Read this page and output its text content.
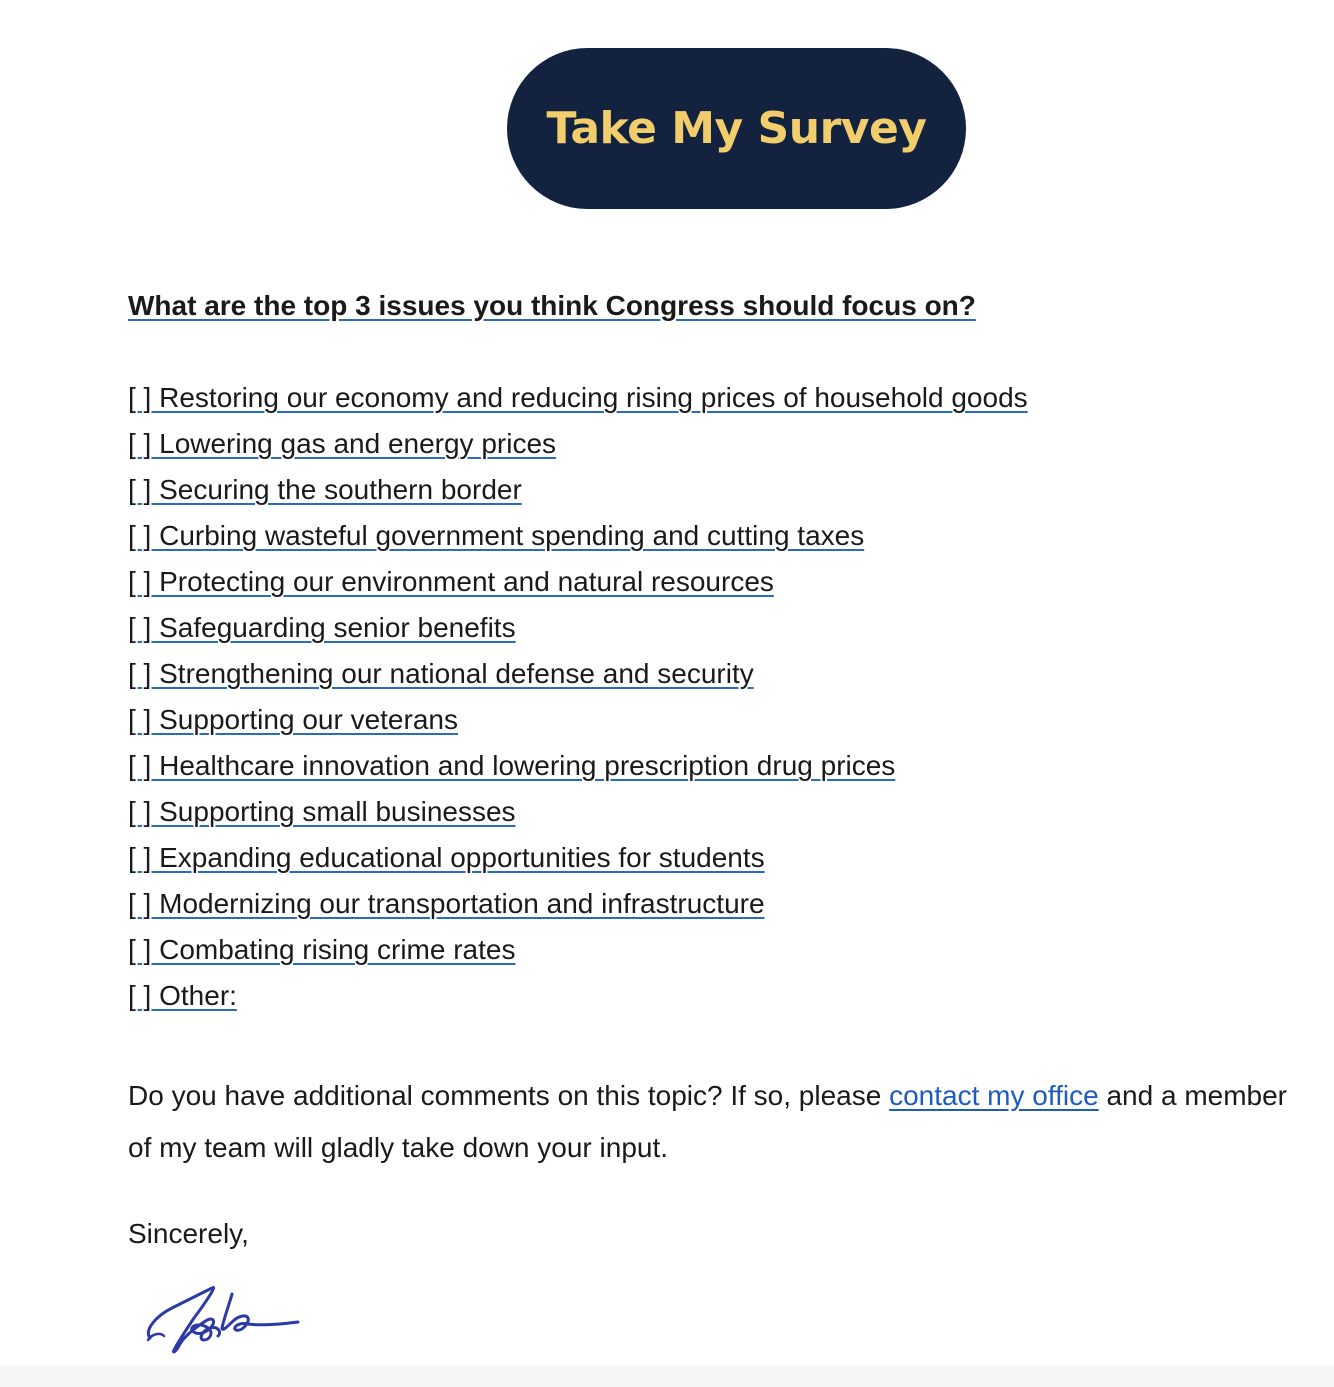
Take My Survey

What are the top 3 issues you think Congress should focus on?

[ ] Restoring our economy and reducing rising prices of household goods
[ ] Lowering gas and energy prices
[ ] Securing the southern border
[ ] Curbing wasteful government spending and cutting taxes
[ ] Protecting our environment and natural resources
[ ] Safeguarding senior benefits
[ ] Strengthening our national defense and security
[ ] Supporting our veterans
[ ] Healthcare innovation and lowering prescription drug prices
[ ] Supporting small businesses
[ ] Expanding educational opportunities for students
[ ] Modernizing our transportation and infrastructure
[ ] Combating rising crime rates
[ ] Other:

Do you have additional comments on this topic? If so, please contact my office and a member of my team will gladly take down your input.

Sincerely,
